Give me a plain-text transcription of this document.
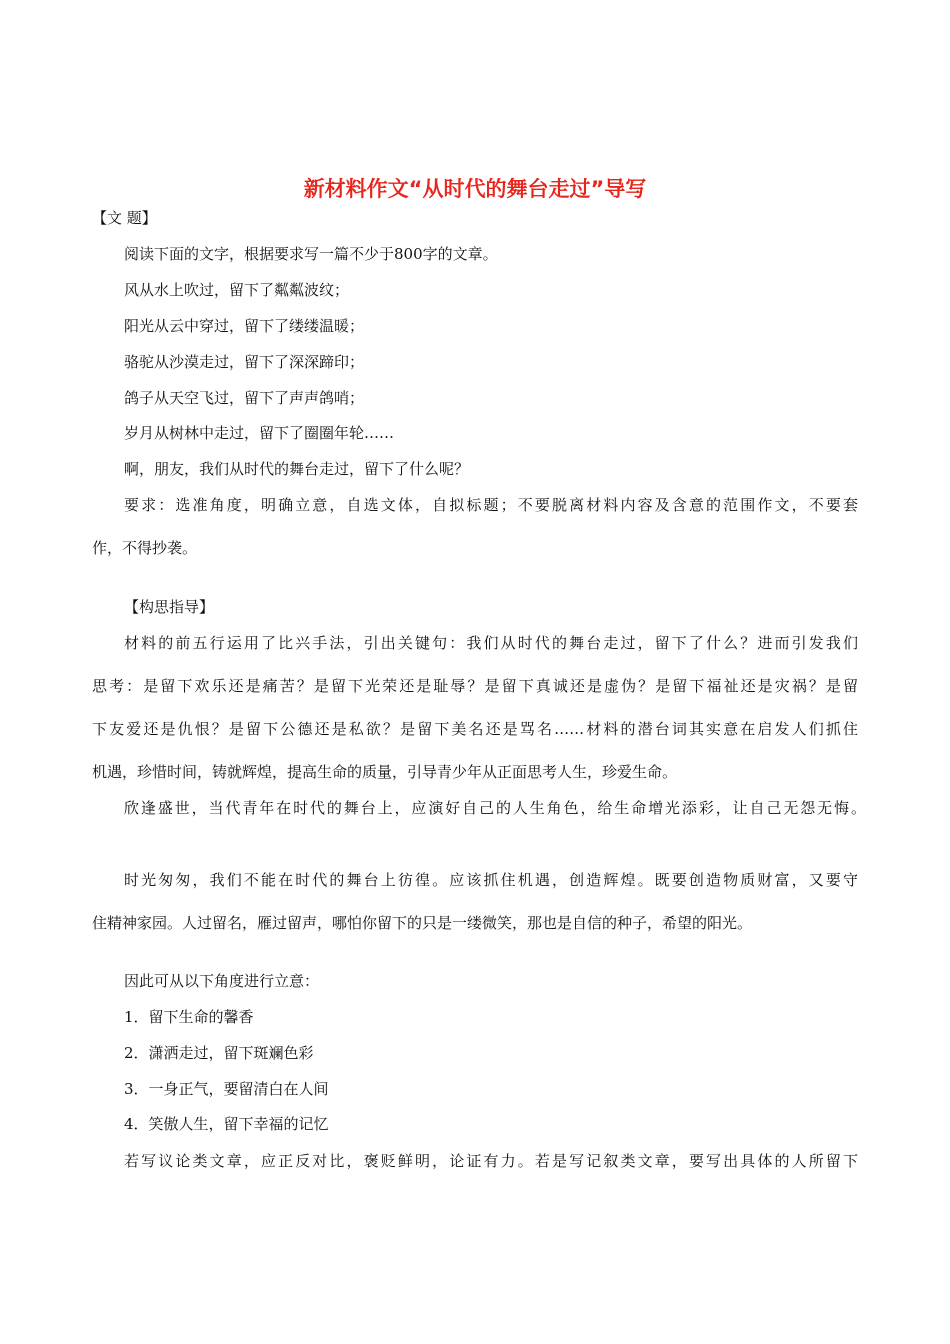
新材料作文“从时代的舞台走过”导写
【文 题】
阅读下面的文字，根据要求写一篇不少于800字的文章。
风从水上吹过，留下了粼粼波纹；
阳光从云中穿过，留下了缕缕温暖；
骆驼从沙漠走过，留下了深深蹄印；
鸽子从天空飞过，留下了声声鸽哨；
岁月从树林中走过，留下了圈圈年轮……
啊，朋友，我们从时代的舞台走过，留下了什么呢？
要求：选准角度，明确立意，自选文体，自拟标题；不要脱离材料内容及含意的范围作文，不要套
作，不得抄袭。
【构思指导】
材料的前五行运用了比兴手法，引出关键句：我们从时代的舞台走过，留下了什么？进而引发我们
思考：是留下欢乐还是痛苦？是留下光荣还是耻辱？是留下真诚还是虚伪？是留下福祉还是灾祸？是留
下友爱还是仇恨？是留下公德还是私欲？是留下美名还是骂名……材料的潜台词其实意在启发人们抓住
机遇，珍惜时间，铸就辉煌，提高生命的质量，引导青少年从正面思考人生，珍爱生命。
欣逢盛世，当代青年在时代的舞台上，应演好自己的人生角色，给生命增光添彩，让自己无怨无悔。
时光匆匆，我们不能在时代的舞台上彷徨。应该抓住机遇，创造辉煌。既要创造物质财富，又要守
住精神家园。人过留名，雁过留声，哪怕你留下的只是一缕微笑，那也是自信的种子，希望的阳光。
因此可从以下角度进行立意：
1．留下生命的馨香
2．潇洒走过，留下斑斓色彩
3．一身正气，要留清白在人间
4．笑傲人生，留下幸福的记忆
若写议论类文章，应正反对比，褒贬鲜明，论证有力。若是写记叙类文章，要写出具体的人所留下
